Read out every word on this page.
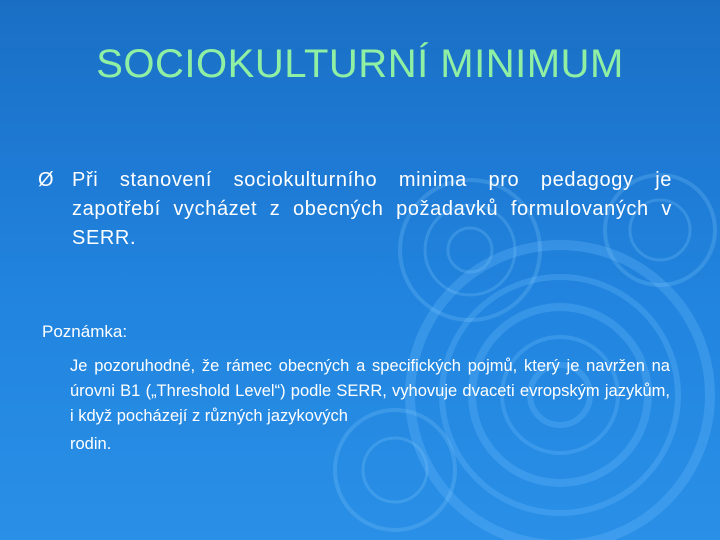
SOCIOKULTURNÍ MINIMUM
Ø Při stanovení sociokulturního minima pro pedagogy je zapotřebí vycházet z obecných požadavků formulovaných v SERR.
Poznámka:
Je pozoruhodné, že rámec obecných a specifických pojmů, který je navržen na úrovni B1 („Threshold Level“) podle SERR, vyhovuje dvaceti evropským jazykům, i když pocházejí z různých jazykových
rodin.
